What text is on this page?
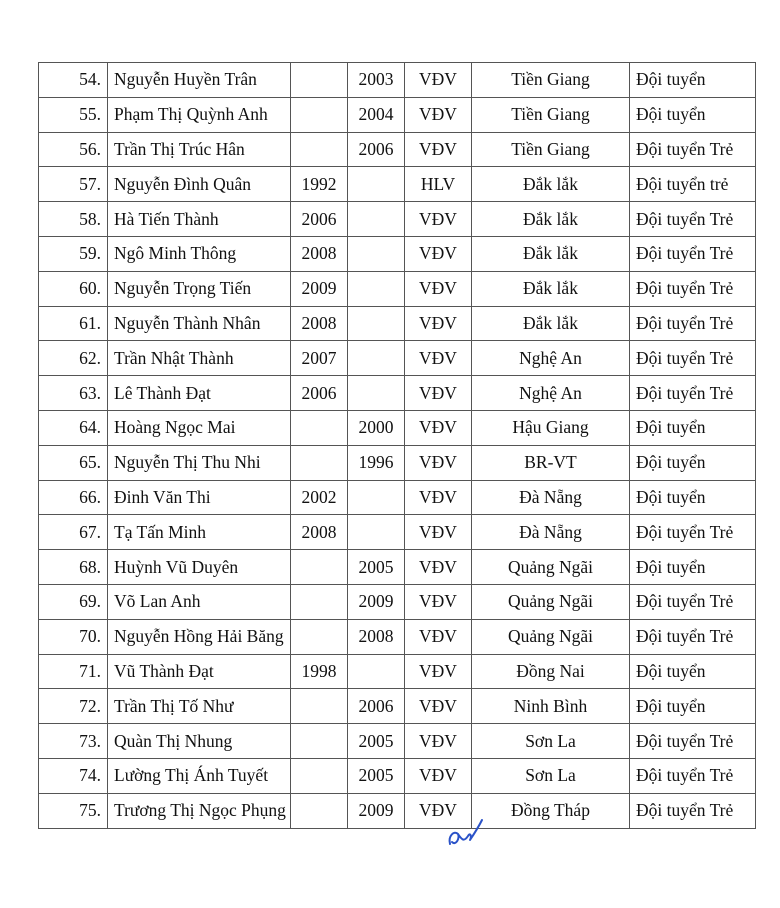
54.	Nguyễn Huyền Trân		2003	VĐV	Tiền Giang	Đội tuyển
55.	Phạm Thị Quỳnh Anh		2004	VĐV	Tiền Giang	Đội tuyển
56.	Trần Thị Trúc Hân		2006	VĐV	Tiền Giang	Đội tuyển Trẻ
57.	Nguyễn Đình Quân	1992		HLV	Đắk lắk	Đội tuyển trẻ
58.	Hà Tiến Thành	2006		VĐV	Đắk lắk	Đội tuyển Trẻ
59.	Ngô Minh Thông	2008		VĐV	Đắk lắk	Đội tuyển Trẻ
60.	Nguyễn Trọng Tiến	2009		VĐV	Đắk lắk	Đội tuyển Trẻ
61.	Nguyễn Thành Nhân	2008		VĐV	Đắk lắk	Đội tuyển Trẻ
62.	Trần Nhật Thành	2007		VĐV	Nghệ An	Đội tuyển Trẻ
63.	Lê Thành Đạt	2006		VĐV	Nghệ An	Đội tuyển Trẻ
64.	Hoàng Ngọc Mai		2000	VĐV	Hậu Giang	Đội tuyển
65.	Nguyễn Thị Thu Nhi		1996	VĐV	BR-VT	Đội tuyển
66.	Đinh Văn Thi	2002		VĐV	Đà Nẵng	Đội tuyển
67.	Tạ Tấn Minh	2008		VĐV	Đà Nẵng	Đội tuyển Trẻ
68.	Huỳnh Vũ Duyên		2005	VĐV	Quảng Ngãi	Đội tuyển
69.	Võ Lan Anh		2009	VĐV	Quảng Ngãi	Đội tuyển Trẻ
70.	Nguyễn Hồng Hải Băng		2008	VĐV	Quảng Ngãi	Đội tuyển Trẻ
71.	Vũ Thành Đạt	1998		VĐV	Đồng Nai	Đội tuyển
72.	Trần Thị Tố Như		2006	VĐV	Ninh Bình	Đội tuyển
73.	Quàn Thị Nhung		2005	VĐV	Sơn La	Đội tuyển Trẻ
74.	Lường Thị Ánh Tuyết		2005	VĐV	Sơn La	Đội tuyển Trẻ
75.	Trương Thị Ngọc Phụng		2009	VĐV	Đồng Tháp	Đội tuyển Trẻ
